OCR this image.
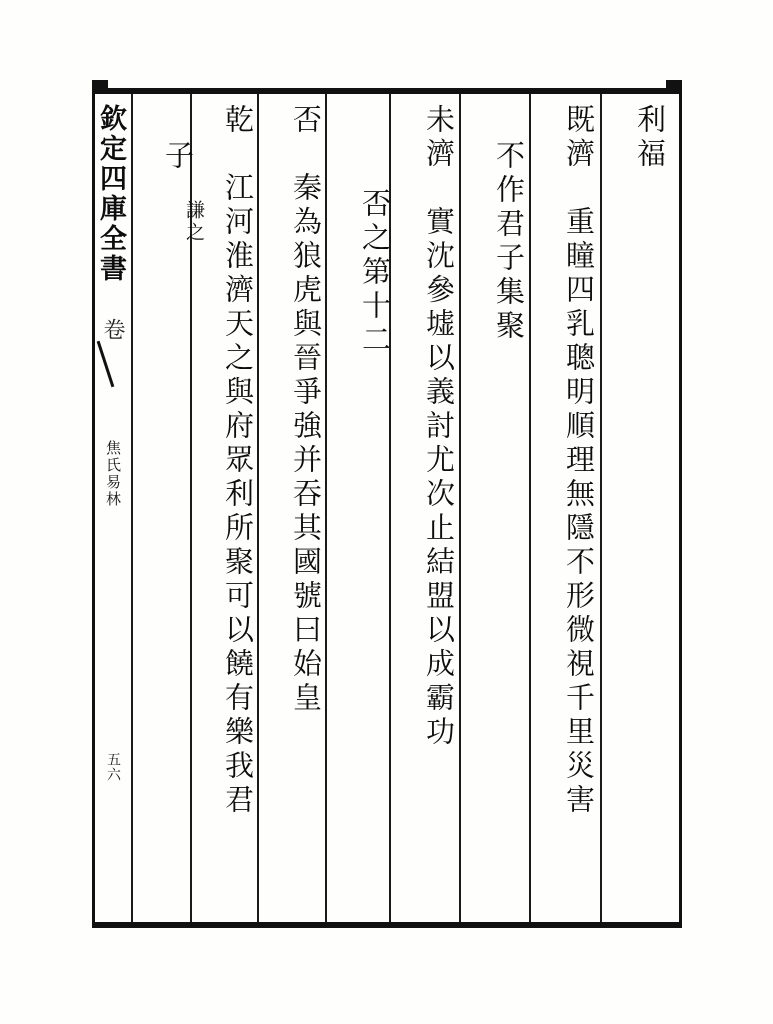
欽定四庫全書
卷
焦氏易林
五六
利福
既濟　重瞳四乳聰明順理無隱不形微視千里災害
不作君子集聚
未濟　實沈參墟以義討尤次止結盟以成霸功
否之第十二
否　秦為狼虎與晉爭強并吞其國號曰始皇
乾　江河淮濟天之與府眾利所聚可以饒有樂我君
子
謙之
